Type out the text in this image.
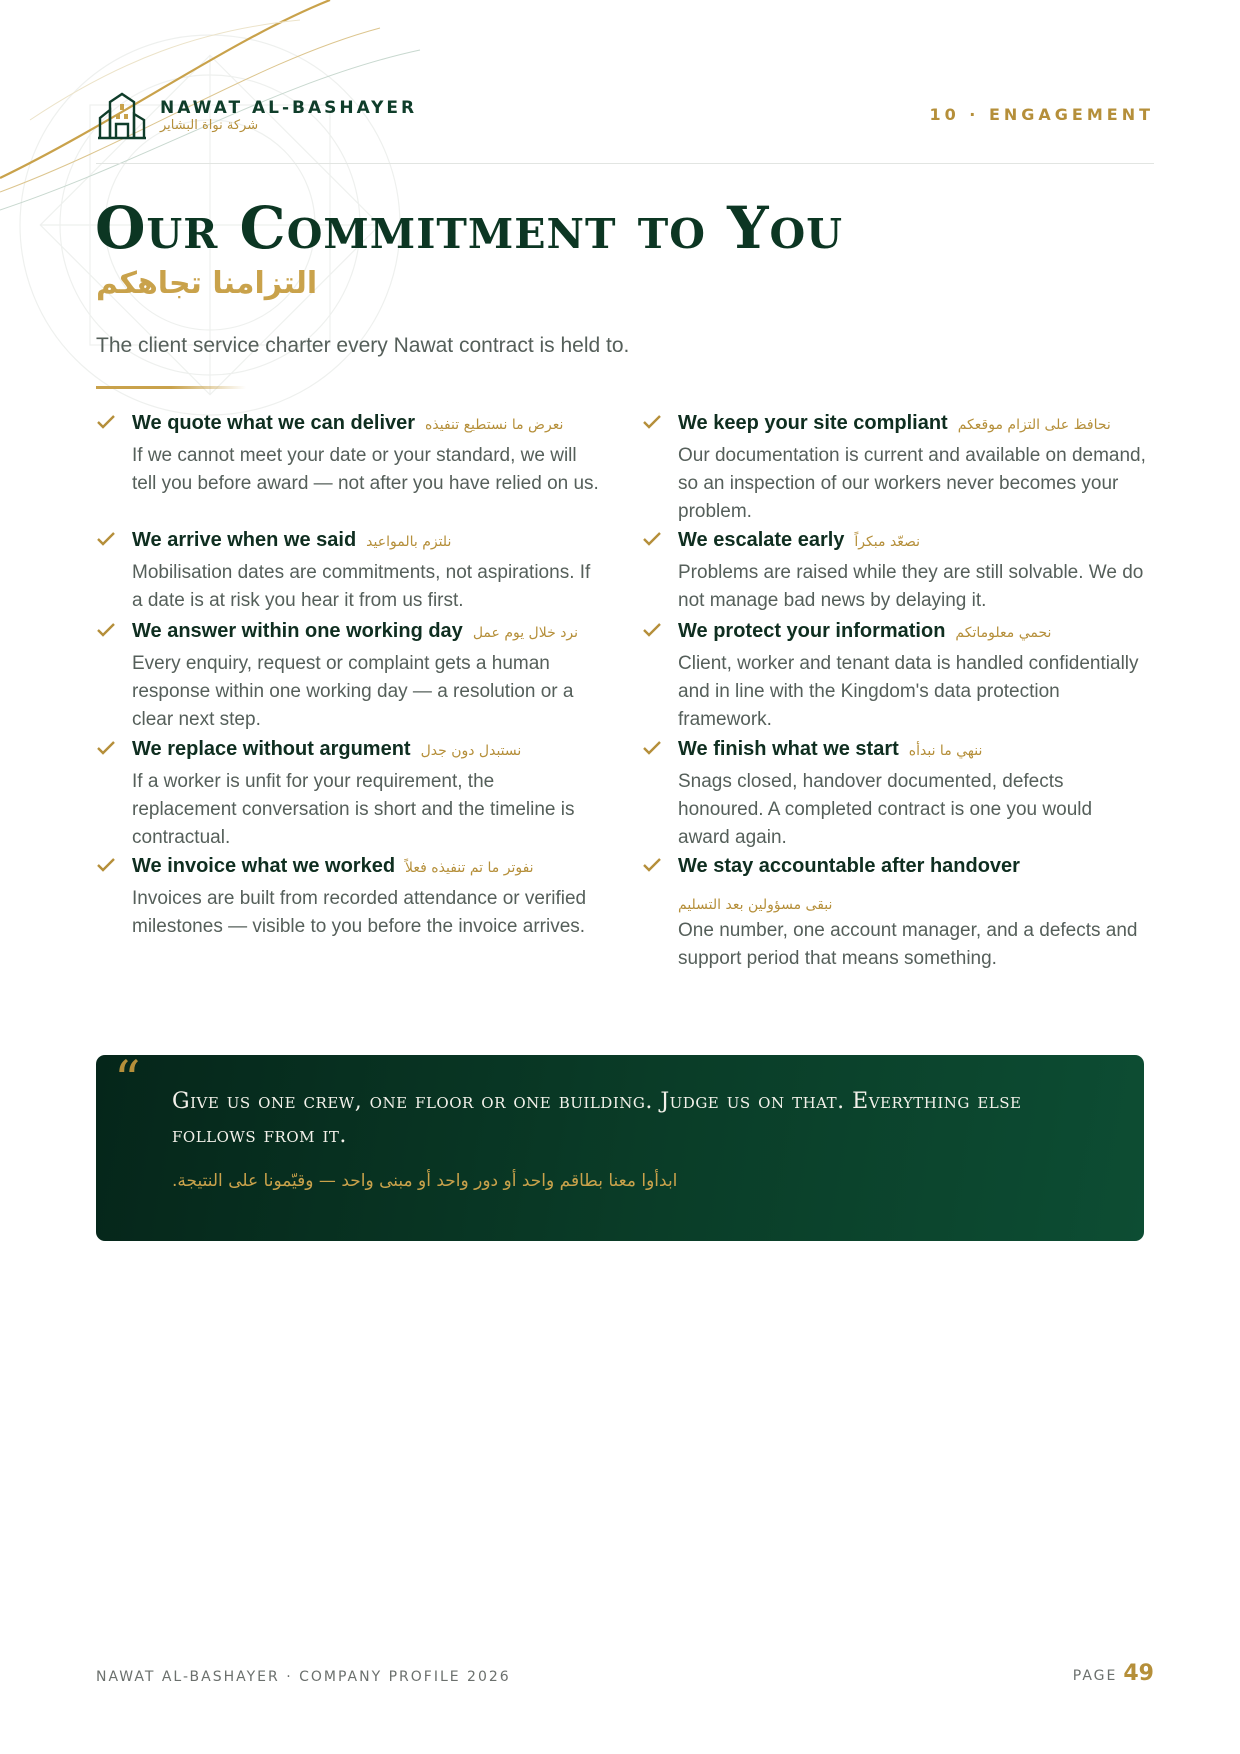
NAWAT AL-BASHAYER
شركة نواة البشاير
10 · ENGAGEMENT
Our Commitment to You
التزامنا تجاهكم
The client service charter every Nawat contract is held to.
We quote what we can deliver نعرض ما نستطيع تنفيذه
If we cannot meet your date or your standard, we will tell you before award — not after you have relied on us.
We arrive when we said نلتزم بالمواعيد
Mobilisation dates are commitments, not aspirations. If a date is at risk you hear it from us first.
We answer within one working day نرد خلال يوم عمل
Every enquiry, request or complaint gets a human response within one working day — a resolution or a clear next step.
We replace without argument نستبدل دون جدل
If a worker is unfit for your requirement, the replacement conversation is short and the timeline is contractual.
We invoice what we worked نفوتر ما تم تنفيذه فعلاً
Invoices are built from recorded attendance or verified milestones — visible to you before the invoice arrives.
We keep your site compliant نحافظ على التزام موقعكم
Our documentation is current and available on demand, so an inspection of our workers never becomes your problem.
We escalate early نصعّد مبكراً
Problems are raised while they are still solvable. We do not manage bad news by delaying it.
We protect your information نحمي معلوماتكم
Client, worker and tenant data is handled confidentially and in line with the Kingdom's data protection framework.
We finish what we start ننهي ما نبدأه
Snags closed, handover documented, defects honoured. A completed contract is one you would award again.
We stay accountable after handover
نبقى مسؤولين بعد التسليم
One number, one account manager, and a defects and support period that means something.
“ Give us one crew, one floor or one building. Judge us on that. Everything else follows from it.
ابدأوا معنا بطاقم واحد أو دور واحد أو مبنى واحد — وقيّمونا على النتيجة.
NAWAT AL-BASHAYER · COMPANY PROFILE 2026	PAGE 49
